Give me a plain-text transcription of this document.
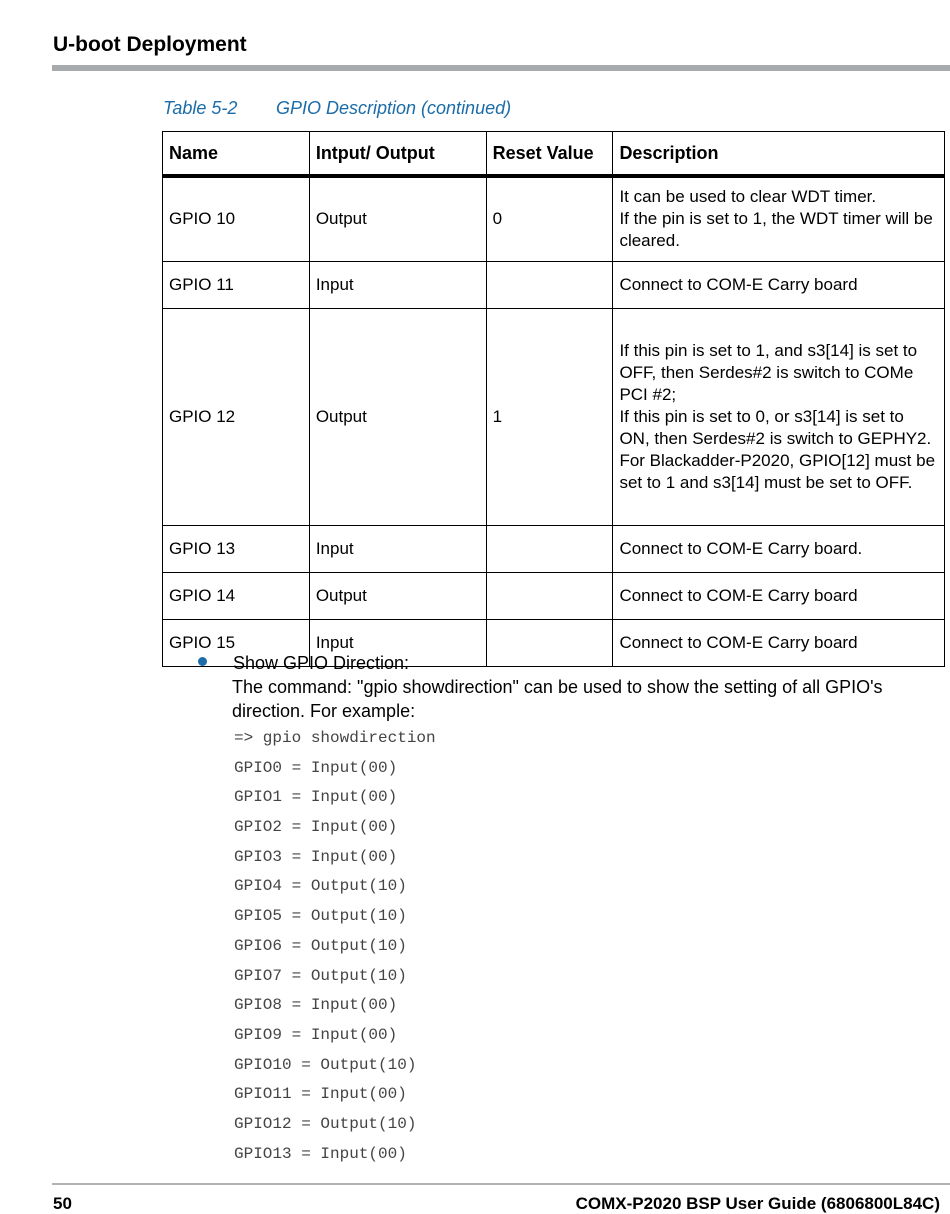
U-boot Deployment
Table 5-2 GPIO Description (continued)
Name	Intput/ Output	Reset Value	Description
GPIO 10	Output	0	It can be used to clear WDT timer.
If the pin is set to 1, the WDT timer will be cleared.

GPIO 11	Input		Connect to COM-E Carry board

GPIO 12	Output	1	If this pin is set to 1, and s3[14] is set to OFF, then Serdes#2 is switch to COMe PCI #2;
If this pin is set to 0, or s3[14] is set to ON, then Serdes#2 is switch to GEPHY2.
For Blackadder-P2020, GPIO[12] must be set to 1 and s3[14] must be set to OFF.

GPIO 13	Input		Connect to COM-E Carry board.

GPIO 14	Output		Connect to COM-E Carry board

GPIO 15	Input		Connect to COM-E Carry board
Show GPIO Direction:
The command: "gpio showdirection" can be used to show the setting of all GPIO's direction. For example:
=> gpio showdirection
GPIO0 = Input(00)
GPIO1 = Input(00)
GPIO2 = Input(00)
GPIO3 = Input(00)
GPIO4 = Output(10)
GPIO5 = Output(10)
GPIO6 = Output(10)
GPIO7 = Output(10)
GPIO8 = Input(00)
GPIO9 = Input(00)
GPIO10 = Output(10)
GPIO11 = Input(00)
GPIO12 = Output(10)
GPIO13 = Input(00)
50	COMX-P2020 BSP User Guide (6806800L84C)
